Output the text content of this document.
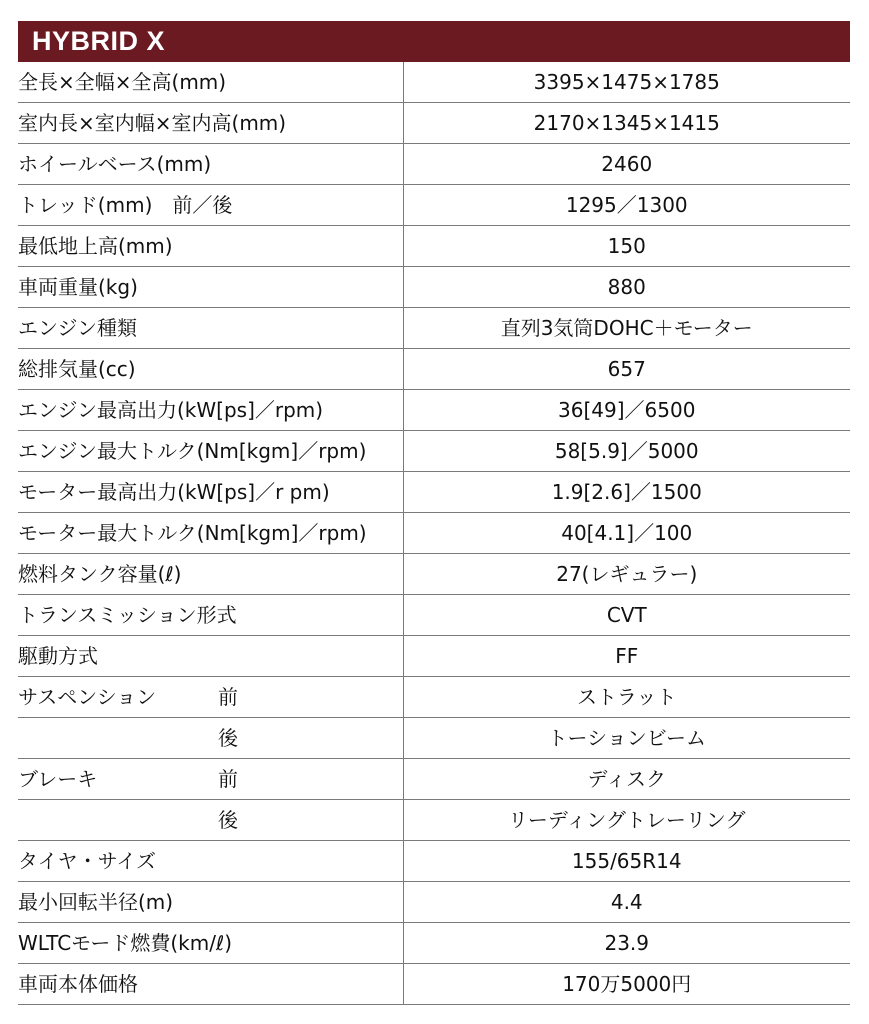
HYBRID X
全長×全幅×全高(mm)		3395×1475×1785
室内長×室内幅×室内高(mm)		2170×1345×1415
ホイールベース(mm)		2460
トレッド(mm)　前／後		1295／1300
最低地上高(mm)		150
車両重量(kg)		880
エンジン種類		直列3気筒DOHC＋モーター
総排気量(cc)		657
エンジン最高出力(kW[ps]／rpm)		36[49]／6500
エンジン最大トルク(Nm[kgm]／rpm)		58[5.9]／5000
モーター最高出力(kW[ps]／r pm)		1.9[2.6]／1500
モーター最大トルク(Nm[kgm]／rpm)		40[4.1]／100
燃料タンク容量(ℓ)		27(レギュラー)
トランスミッション形式		CVT
駆動方式		FF
サスペンション	前	ストラット
	後	トーションビーム
ブレーキ	前	ディスク
	後	リーディングトレーリング
タイヤ・サイズ		155/65R14
最小回転半径(m)		4.4
WLTCモード燃費(km/ℓ)		23.9
車両本体価格		170万5000円
